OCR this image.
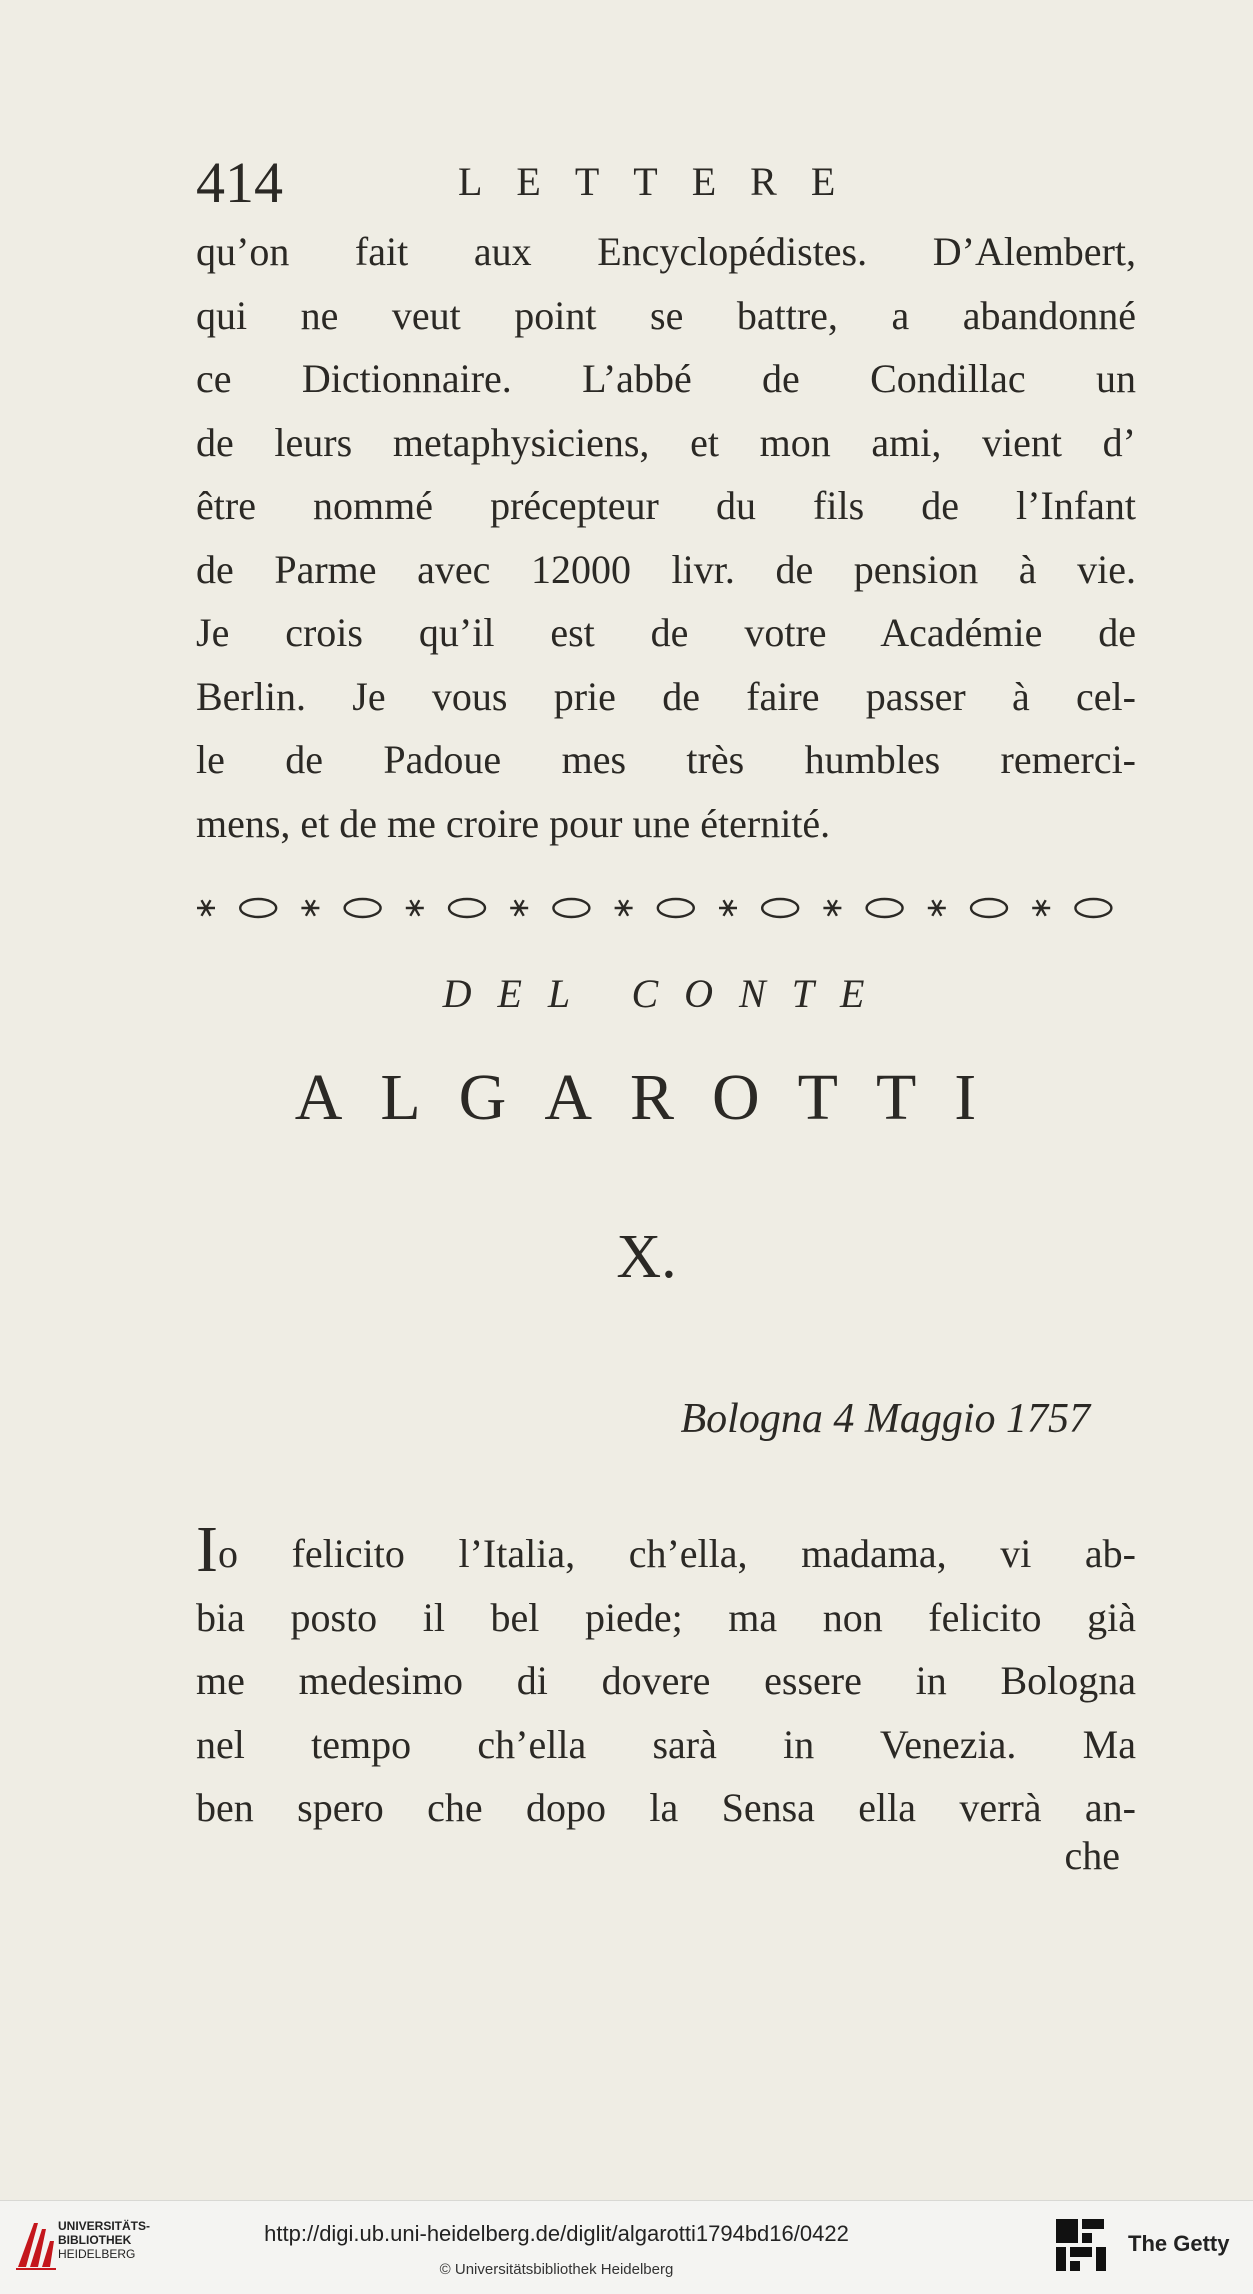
414	LETTERE
qu’on fait aux Encyclopédistes. D’Alembert,
qui ne veut point se battre, a abandonné
ce Dictionnaire. L’abbé de Condillac un
de leurs metaphysiciens, et mon ami, vient d’
être nommé précepteur du fils de l’Infant
de Parme avec 12000 livr. de pension à vie.
Je crois qu’il est de votre Académie de
Berlin. Je vous prie de faire passer à cel-
le de Padoue mes très humbles remerci-
mens, et de me croire pour une éternité.
DEL CONTE
ALGAROTTI
X.
Bologna 4 Maggio 1757
Io felicito l’Italia, ch’ella, madama, vi ab-
bia posto il bel piede; ma non felicito già
me medesimo di dovere essere in Bologna
nel tempo ch’ella sarà in Venezia. Ma
ben spero che dopo la Sensa ella verrà an-
che
UNIVERSITÄTS-
BIBLIOTHEK
HEIDELBERG
http://digi.ub.uni-heidelberg.de/diglit/algarotti1794bd16/0422
© Universitätsbibliothek Heidelberg
The Getty
